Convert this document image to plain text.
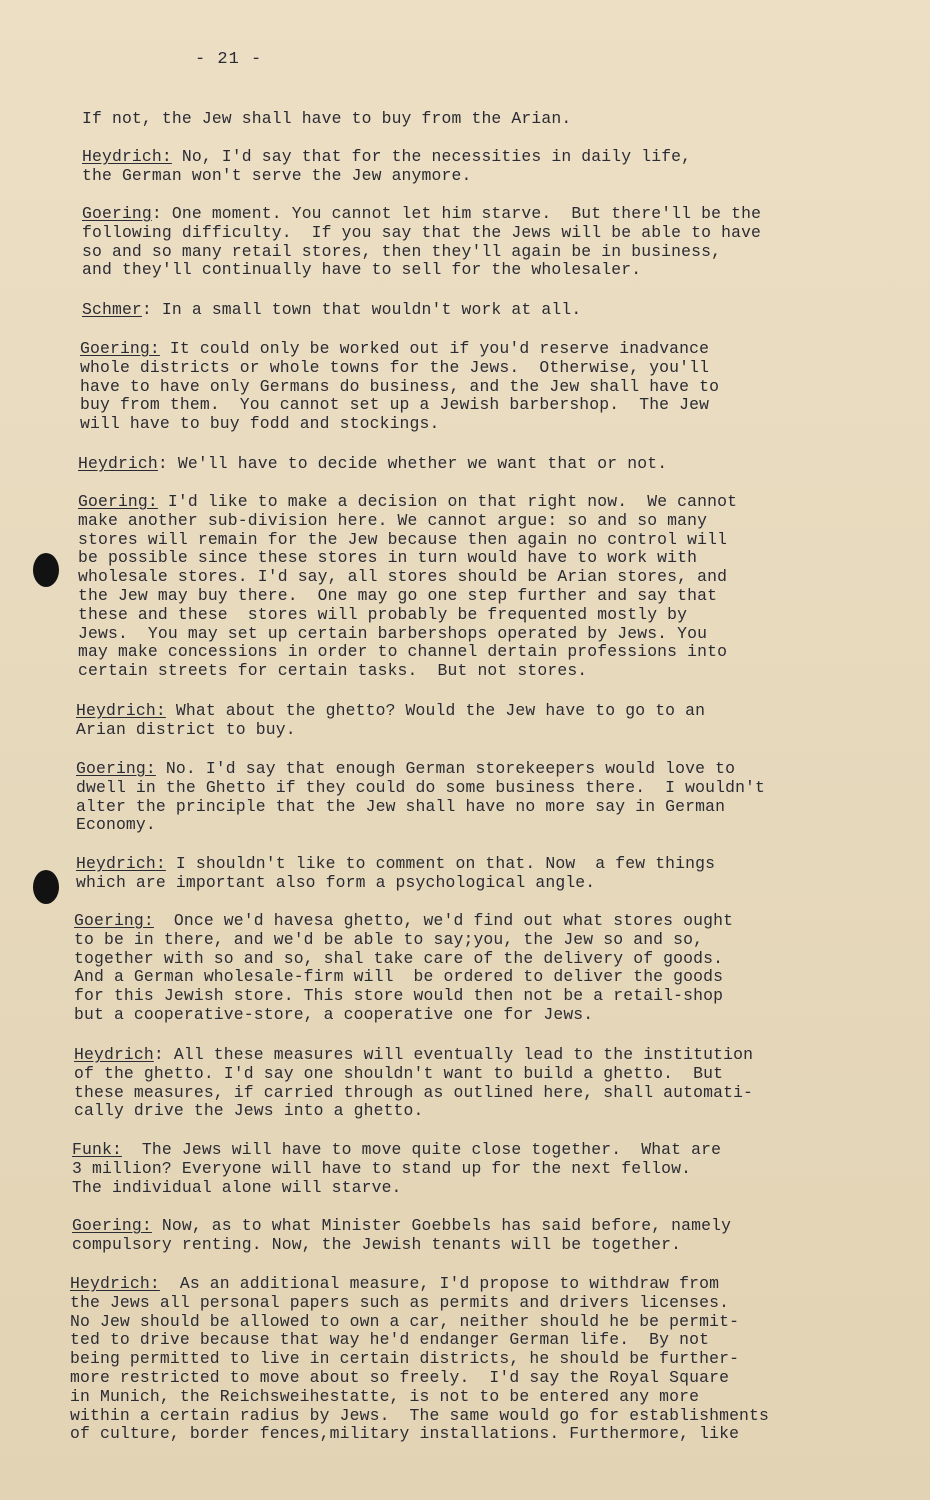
- 21 -
If not, the Jew shall have to buy from the Arian.
Heydrich: No, I'd say that for the necessities in daily life,
the German won't serve the Jew anymore.
Goering: One moment. You cannot let him starve.  But there'll be the
following difficulty.  If you say that the Jews will be able to have
so and so many retail stores, then they'll again be in business,
and they'll continually have to sell for the wholesaler.
Schmer: In a small town that wouldn't work at all.
Goering: It could only be worked out if you'd reserve inadvance
whole districts or whole towns for the Jews.  Otherwise, you'll
have to have only Germans do business, and the Jew shall have to
buy from them.  You cannot set up a Jewish barbershop.  The Jew
will have to buy fodd and stockings.
Heydrich: We'll have to decide whether we want that or not.
Goering: I'd like to make a decision on that right now.  We cannot
make another sub-division here. We cannot argue: so and so many
stores will remain for the Jew because then again no control will
be possible since these stores in turn would have to work with
wholesale stores. I'd say, all stores should be Arian stores, and
the Jew may buy there.  One may go one step further and say that
these and these  stores will probably be frequented mostly by
Jews.  You may set up certain barbershops operated by Jews. You
may make concessions in order to channel dertain professions into
certain streets for certain tasks.  But not stores.
Heydrich: What about the ghetto? Would the Jew have to go to an
Arian district to buy.
Goering: No. I'd say that enough German storekeepers would love to
dwell in the Ghetto if they could do some business there.  I wouldn't
alter the principle that the Jew shall have no more say in German
Economy.
Heydrich: I shouldn't like to comment on that. Now  a few things
which are important also form a psychological angle.
Goering:  Once we'd havesa ghetto, we'd find out what stores ought
to be in there, and we'd be able to say;you, the Jew so and so,
together with so and so, shal take care of the delivery of goods.
And a German wholesale-firm will  be ordered to deliver the goods
for this Jewish store. This store would then not be a retail-shop
but a cooperative-store, a cooperative one for Jews.
Heydrich: All these measures will eventually lead to the institution
of the ghetto. I'd say one shouldn't want to build a ghetto.  But
these measures, if carried through as outlined here, shall automati-
cally drive the Jews into a ghetto.
Funk:  The Jews will have to move quite close together.  What are
3 million? Everyone will have to stand up for the next fellow.
The individual alone will starve.
Goering: Now, as to what Minister Goebbels has said before, namely
compulsory renting. Now, the Jewish tenants will be together.
Heydrich:  As an additional measure, I'd propose to withdraw from
the Jews all personal papers such as permits and drivers licenses.
No Jew should be allowed to own a car, neither should he be permit-
ted to drive because that way he'd endanger German life.  By not
being permitted to live in certain districts, he should be further-
more restricted to move about so freely.  I'd say the Royal Square
in Munich, the Reichsweihestatte, is not to be entered any more
within a certain radius by Jews.  The same would go for establishments
of culture, border fences,military installations. Furthermore, like
